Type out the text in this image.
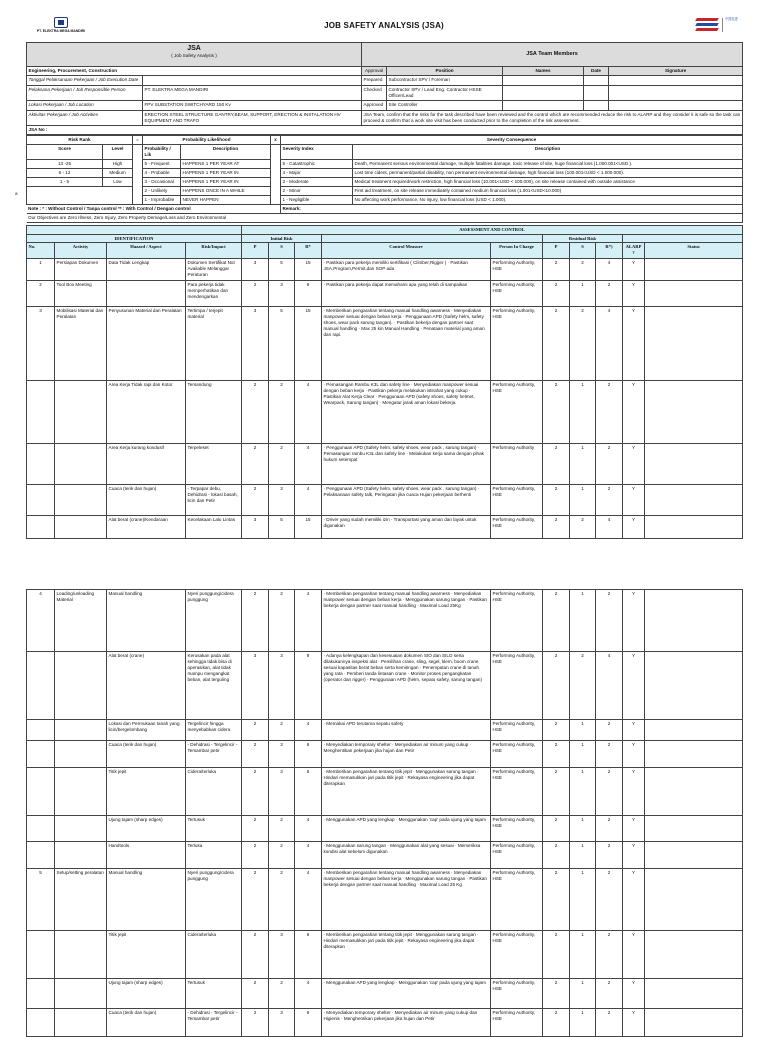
PT. ELEKTRA MEGA MANDIRI
JOB SAFETY ANALYSIS (JSA)
中国电建
JSA
( Job Safety Analysis )		JSA Team Members				
Engineering, Procurement, Construction		Approval	Position	Names	Date	Signature
Tanggal Pelaksanaan Pekerjaan / Job Execution Date		Prepared	Subcontractor SPV / Foreman			
Pelaksana Pekerjaan / Job Responsible Person	PT. ELEKTRA MEGA MANDIRI	Checked	Contractor SPV / Lead Eng. Contractor HSSE Officer/Lead			
Lokasi Pekerjaan / Job Location	FPV SUBSTATION SWITCHYARD 150 Kv	Approved	Site Controller			
Aktivitas Pekerjaan / Job Activities	ERECTION STEEL STRUCTURE GANTRY,BEAM, SUPPORT, ERECTION & INSTALATION HV EQUIPMENT AND TRAFO	JSA Team, confirm that the risks for the task described have been reviewed and the control which are recommended reduce the risk to ALARP and they consider it is safe so the task can proceed & confirm that a work site visit has been conducted prior to the completion of the risk assessment.				
JSA No :						
Risk Rank		=	Probability Likelihood		x	Severity Consequence	
Score	Level		Probability / Lik	Description		Severity Index	Description
13 -25	High		5 - Frequent	HAPPENS 1 PER YEAR AT		5 - Catastrophic	Death, Permanent serious environmental damage, multiple fatalities damage, toxic release of site, huge financial loss (1.000.001<USD ).
6 - 12	Medium		4 - Probable	HAPPENS 1 PER YEAR IN		4 - Major	Lost time cident, permanent/partial disability, non permanent environmental damage, high financial loss (100.001<USD < 1.000.000).
1 - 5	Low		3 - Occasional	HAPPENS 1 PER YEAR IN		3 - Moderate	Medical treatment required/work restriction, high financial loss (10.001<USD < 100.000), on site release contained with outside assistance

a			2 - Unlikely	HAPPENS ONCE IN A WHILE		2 - Minor	First aid treatment, on site release immediately contained medium financial loss (1.001<USD<10.000)
			1 - Improbable	NEVER HAPPEN		1 - Negligible	No affecting work performance, No injury, low financial loss (USD < 1.000).
Note : * : Without Control / Tanpa control ** : With Control / Dengan control						Remark:	
Our Objectives are Zero Illness, Zero Injury, Zero Property Demage/Loss and Zero Environmental							
				ASSESSMENT AND CONTROL									
IDENTIFICATION				Initial Risk					Residual Risk				
No.	Activity	Hazard / Aspect	Risk/Impact	P	S	R*	Control Measure	Person In Charge	P	S	R*)	ALARP ?	Status
1	Persiapan Dokumen	Data Tidak Lengkap	Dokumen Sertifikat Not Available Melanggar Peraturan	3	5	15	· Pastikan para pekerja memiliki sertifikasi ( Climber,Rigger ) · Pastikan JSA,Program,Permit,dan SOP ada	Performing Authority, HSE	2	2	4	Y	
2	Tool Box Meeting		Para pekerja tidak memperhatikan dan mendengarkan	2	3	6	· Pastikan para pekerja dapat memahami apa yang telah di sampaikan	Performing Authority, HSE	2	1	2	Y	
3	Mobilisasi Material dan Peralatan	Penyusunan Material dan Peralatan	Tertimpa / terjepit material	3	5	15	· Memberikan pengarahan tentang manual handling awarness · Menyediakan manpower sesuai dengan beban kerja · Penggunaan APD (Safety helm, safety shoes, wear pack sarung tangan). · Pastikan bekerja dengan partner saat manual handling · Max 25 kin Manual Handling · Penataan material yang aman dan rapi.	Performing Authority, HSE	2	2	4	Y	
		Area Kerja Tidak rapi dan Kotor	Tersandung	2	2	4	· Pemasangan Rambu K3L dan safety line · Menyediakan manpower sesuai dengan beban kerja · Pastikan pekerja melakukan istirahat yang cukup · Pastikan Alat Kerja Clear · Penggunaan APD (safety shoes, safety helmet, Wearpack, Sarung tangan) · Mengatur jarak aman lokasi bekerja.	Performing Authority, HSE	2	1	2	Y	
		Area Kerja kurang kondusif	Terpeleset	2	2	4	· Penggunaan APD (Safety helm, safety shoes, wear pack , sarung tangan) · Pemasangan rambu K3L dan safety line · Melakukan kerja sama dengan pihak hukum setempat	Performing Authority	2	1	2	Y	
		Cuaca (terik dan hujan)	- Terpapar debu, Dehidrasi - lokasi basah, licin dan Petir	2	3	4	· Penggunaan APD (Safety helm, safety shoes, wear pack , sarung tangan) · Pelaksanaan safety talk, Peringatan jika cuaca Hujan pekerjaan berhenti	Performing Authority, HSE	2	1	2	Y	
		Alat berat (crane)/Kendaraan	Kecelakaan Lalu Lintas	3	5	15	· Driver yang sudah memiliki izin · Transportasi yang aman dan layak untuk digunakan	Performing Authority, HSE	2	2	4	Y	
4	Loading/unloading Material	Manual handling	Nyeri punggung/cidera punggung	2	2	4	· Memberikan pengarahan tentang manual handling awarness · Menyediakan manpower sesuai dengan beban kerja · Menggunakan sarung tangan · Pastikan bekerja dengan partner saat manual handling · Maximal Load 25Kg	Performing Authority, HSE	2	1	2	Y	
		Alat berat (crane)	Kerusakan pada alat sehingga tidak bisa di operasikan, alat tidak mampu mengangkat beban, alat terguling	3	3	9	· Adanya kelengkapan dan kesesuaian dokumen SIO dan SILO serta dilakukannya inspeksi alat · Pemilihan crane, sling, segel, klem, boom crane sesuai kapasitas berat beban serta kemiringan · Penempatan crane di tanah yang rata · Pemberi tanda lintasan crane · Monitor proses pengangkatan (operator dan rigger) · Penggunaan APD (helm, sepatu safety, sarung tangan)	Performing Authority, HSE	2	2	4	Y	
		Lokasi dan Permukaan tanah yang licin/bergelombang	Tergelincir hingga menyebabkan cidera	2	2	4	· Memakai APD terutama sepatu safety	Performing Authority, HSE	2	1	2	Y	
		Cuaca (terik dan hujan)	- Dehidrasi - Tergelincir - Tersambar petir	2	3	6	· Menyediakan temporary shelter · Menyediakan air minum yang cukup · Menghentikan pekerjaan jika hujan dan Petir	Performing Authority, HSE	2	1	2	Y	
		Titik jepit	Cidera/terluka	2	3	6	· Memberikan pengarahan tentang titik jepit · Menggunakan sarung tangan · Hindari memasukkan jari pada titik jepit · Rekayasa engineering jika dapat diterapkan	Performing Authority, HSE	2	1	2	Y	
		Ujung tajam (sharp edges)	Tertusuk	2	2	4	· Menggunakan APD yang lengkap · Menggunakan 'cap' pada ujung yang tajam	Performing Authority, HSE	2	1	2	Y	
		Handtools	Terluka	2	2	4	· Menggunakan sarung tangan · Menggunakan alat yang sesuai · Memeriksa kondisi alat sebelum digunakan	Performing Authority, HSE	2	1	2	Y	
5	Setup/setting peralatan	Manual handling	Nyeri punggung/cidera punggung	2	2	4	· Memberikan pengarahan tentang manual handling awarness · Menyediakan manpower sesuai dengan beban kerja · Menggunakan sarung tangan · Pastikan bekerja dengan partner saat manual handling · Maximal Load 25 Kg	Performing Authority, HSE	2	1	2	Y	
		Titik jepit	Cidera/terluka	2	3	6	· Memberikan pengarahan tentang titik jepit · Menggunakan sarung tangan · Hindari memasukkan jari pada titik jepit · Rekayasa engineering jika dapat diterapkan	Performing Authority, HSE	2	1	2	Y	
		Ujung tajam (sharp edges)	Tertusuk	2	2	4	· Menggunakan APD yang lengkap · Menggunakan 'cap' pada ujung yang tajam	Performing Authority, HSE	2	1	2	Y	
		Cuaca (terik dan hujan)	- Dehidrasi - Tergelincir - Tersambar petir	2	3	6	· Menyediakan temporary shelter · Menyediakan air minum yang cukup dan Higienis · Menghentikan pekerjaan jika hujan dan Petir	Performing Authority, HSE	2	1	2	Y	
